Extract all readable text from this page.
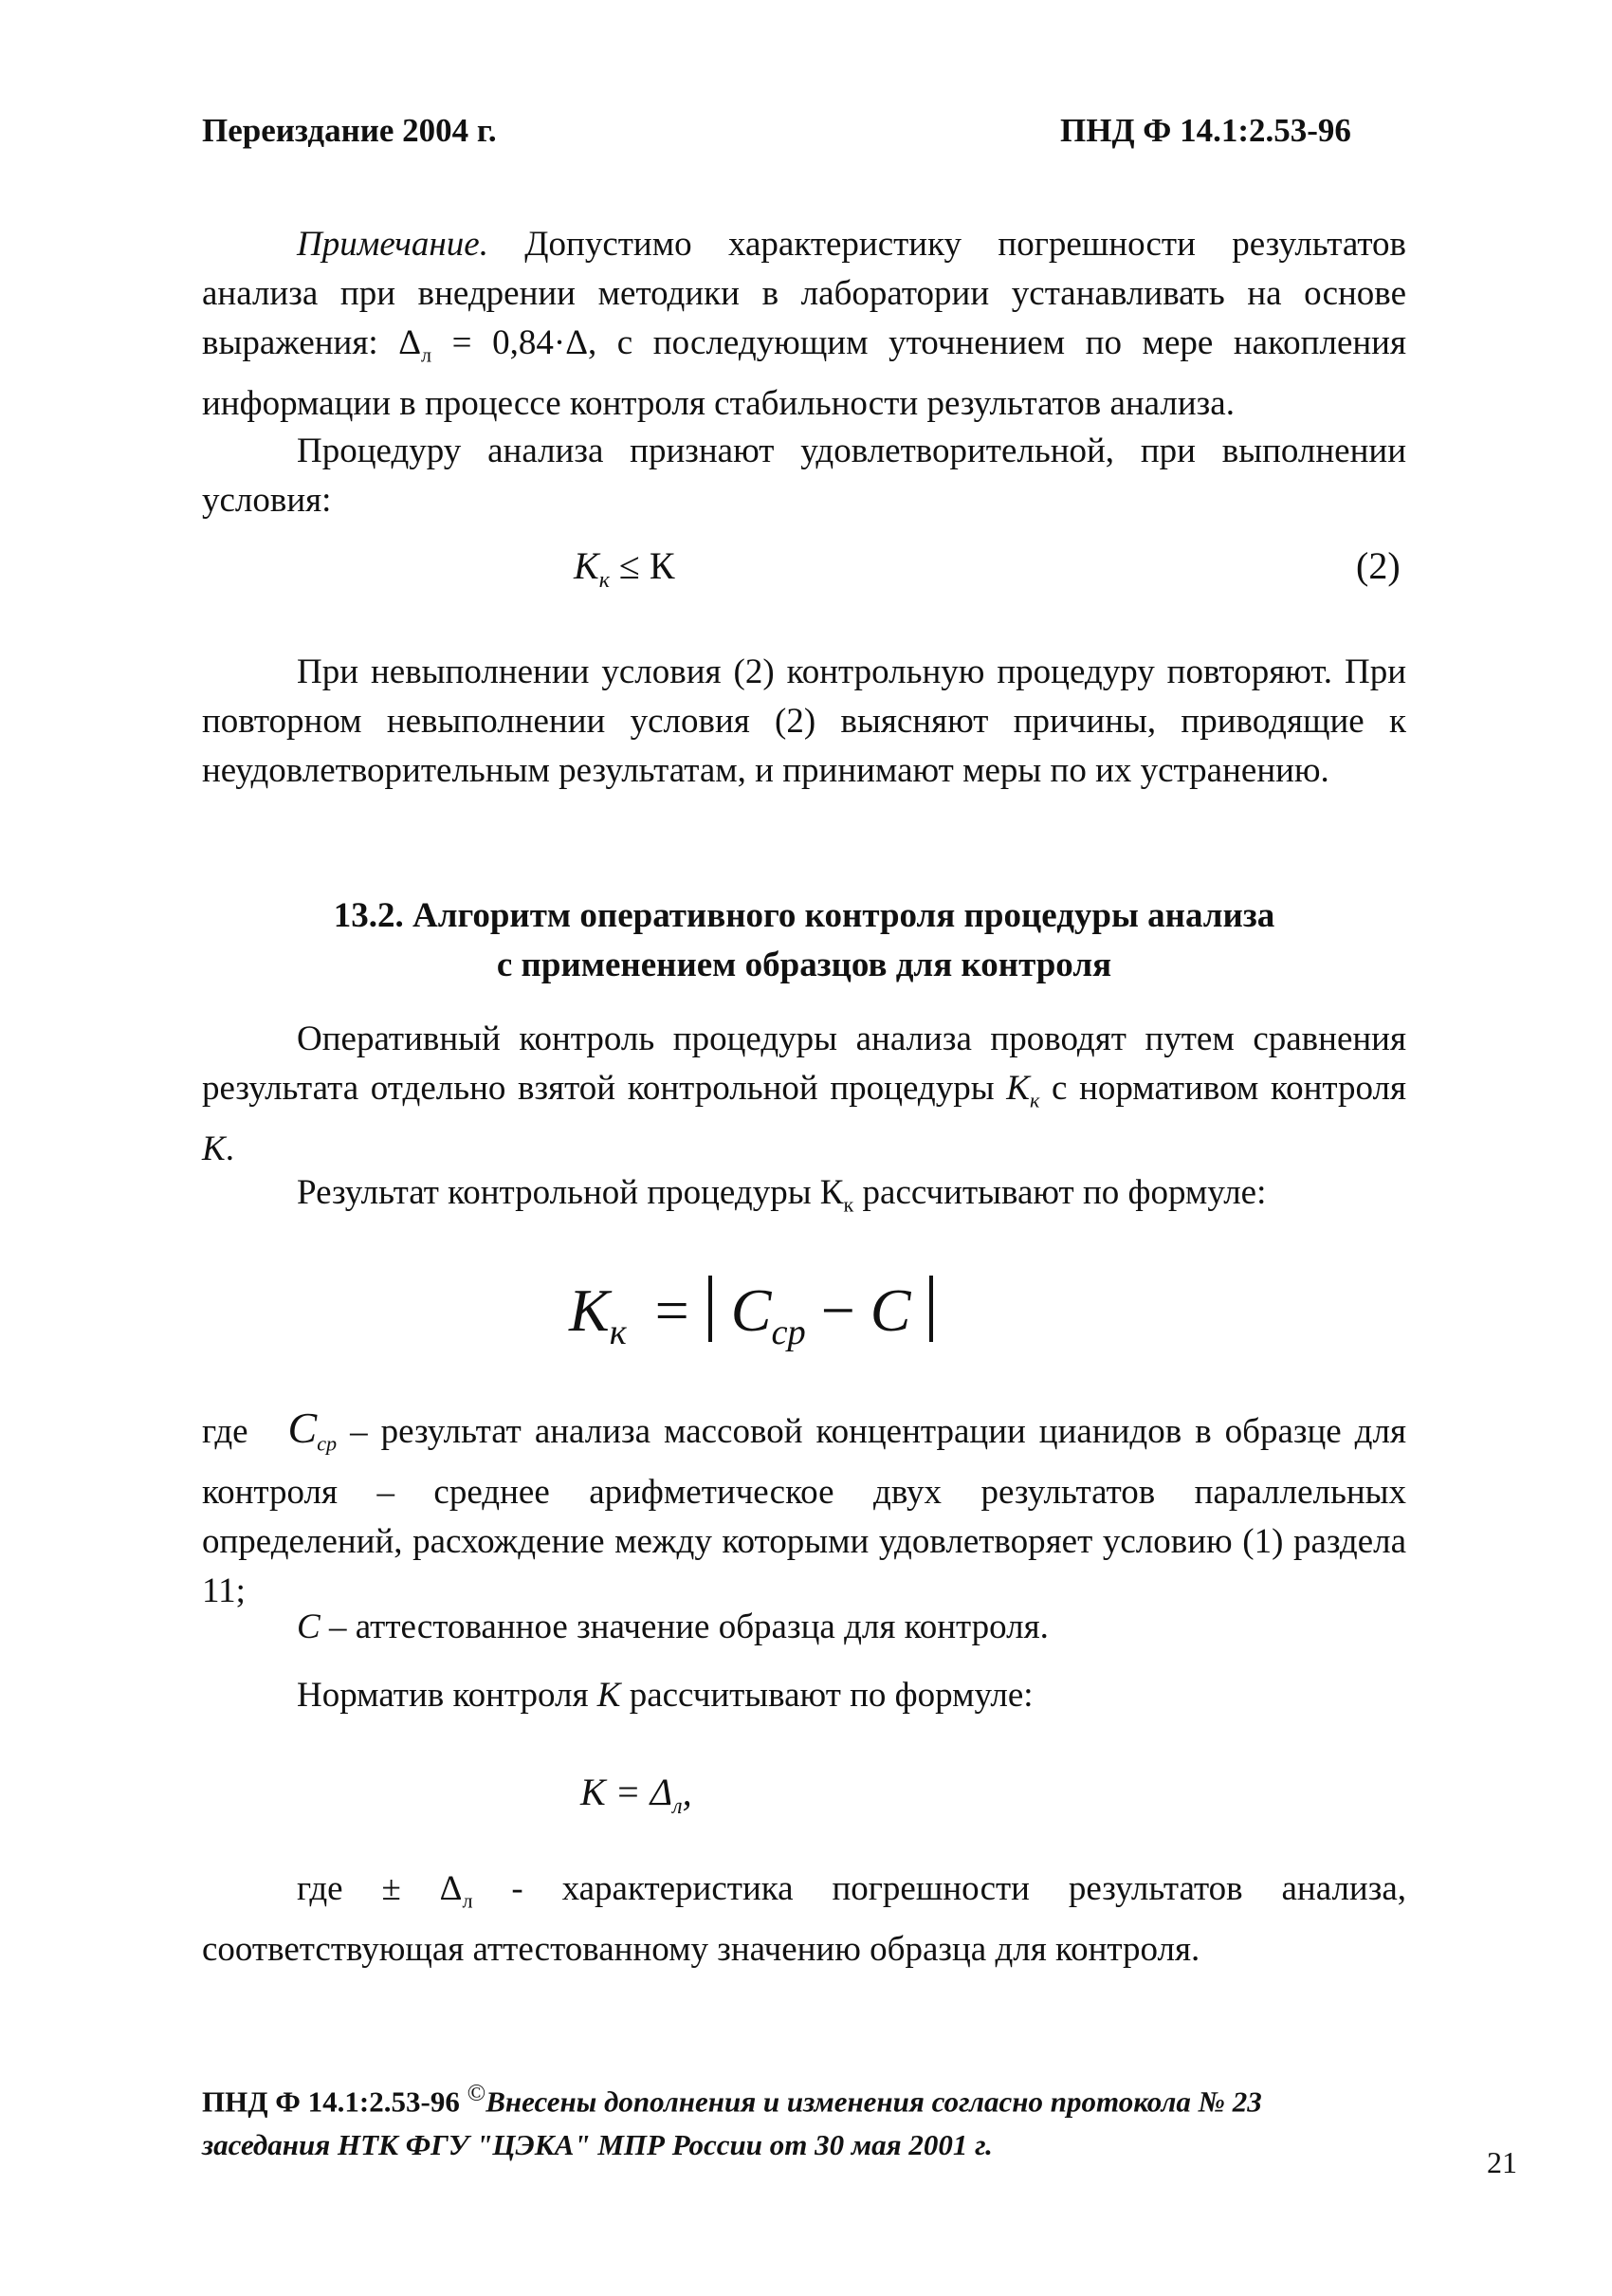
Переиздание 2004 г.	ПНД Ф 14.1:2.53-96
Примечание. Допустимо характеристику погрешности результатов анализа при внедрении методики в лаборатории устанавливать на основе выражения: $\Delta_л = 0,84\cdot\Delta$, с последующим уточнением по мере накопления информации в процессе контроля стабильности результатов анализа.
Процедуру анализа признают удовлетворительной, при выполнении условия:
$K_к \le К$	(2)
При невыполнении условия (2) контрольную процедуру повторяют. При повторном невыполнении условия (2) выясняют причины, приводящие к неудовлетворительным результатам, и принимают меры по их устранению.
13.2. Алгоритм оперативного контроля процедуры анализа
с применением образцов для контроля
Оперативный контроль процедуры анализа проводят путем сравнения результата отдельно взятой контрольной процедуры $K_к$ с нормативом контроля K.
Результат контрольной процедуры $К_к$ рассчитывают по формуле:
$K_к = C_{ср} - C$
где $C_{ср}$ – результат анализа массовой концентрации цианидов в образце для контроля – среднее арифметическое двух результатов параллельных определений, расхождение между которыми удовлетворяет условию (1) раздела 11;
C – аттестованное значение образца для контроля.
Норматив контроля K рассчитывают по формуле:
$K = \Delta_л$,
где ± $\Delta_л$ - характеристика погрешности результатов анализа, соответствующая аттестованному значению образца для контроля.
ПНД Ф 14.1:2.53-96 ©Внесены дополнения и изменения согласно протокола № 23 заседания НТК ФГУ "ЦЭКА" МПР России от 30 мая 2001 г.
21
